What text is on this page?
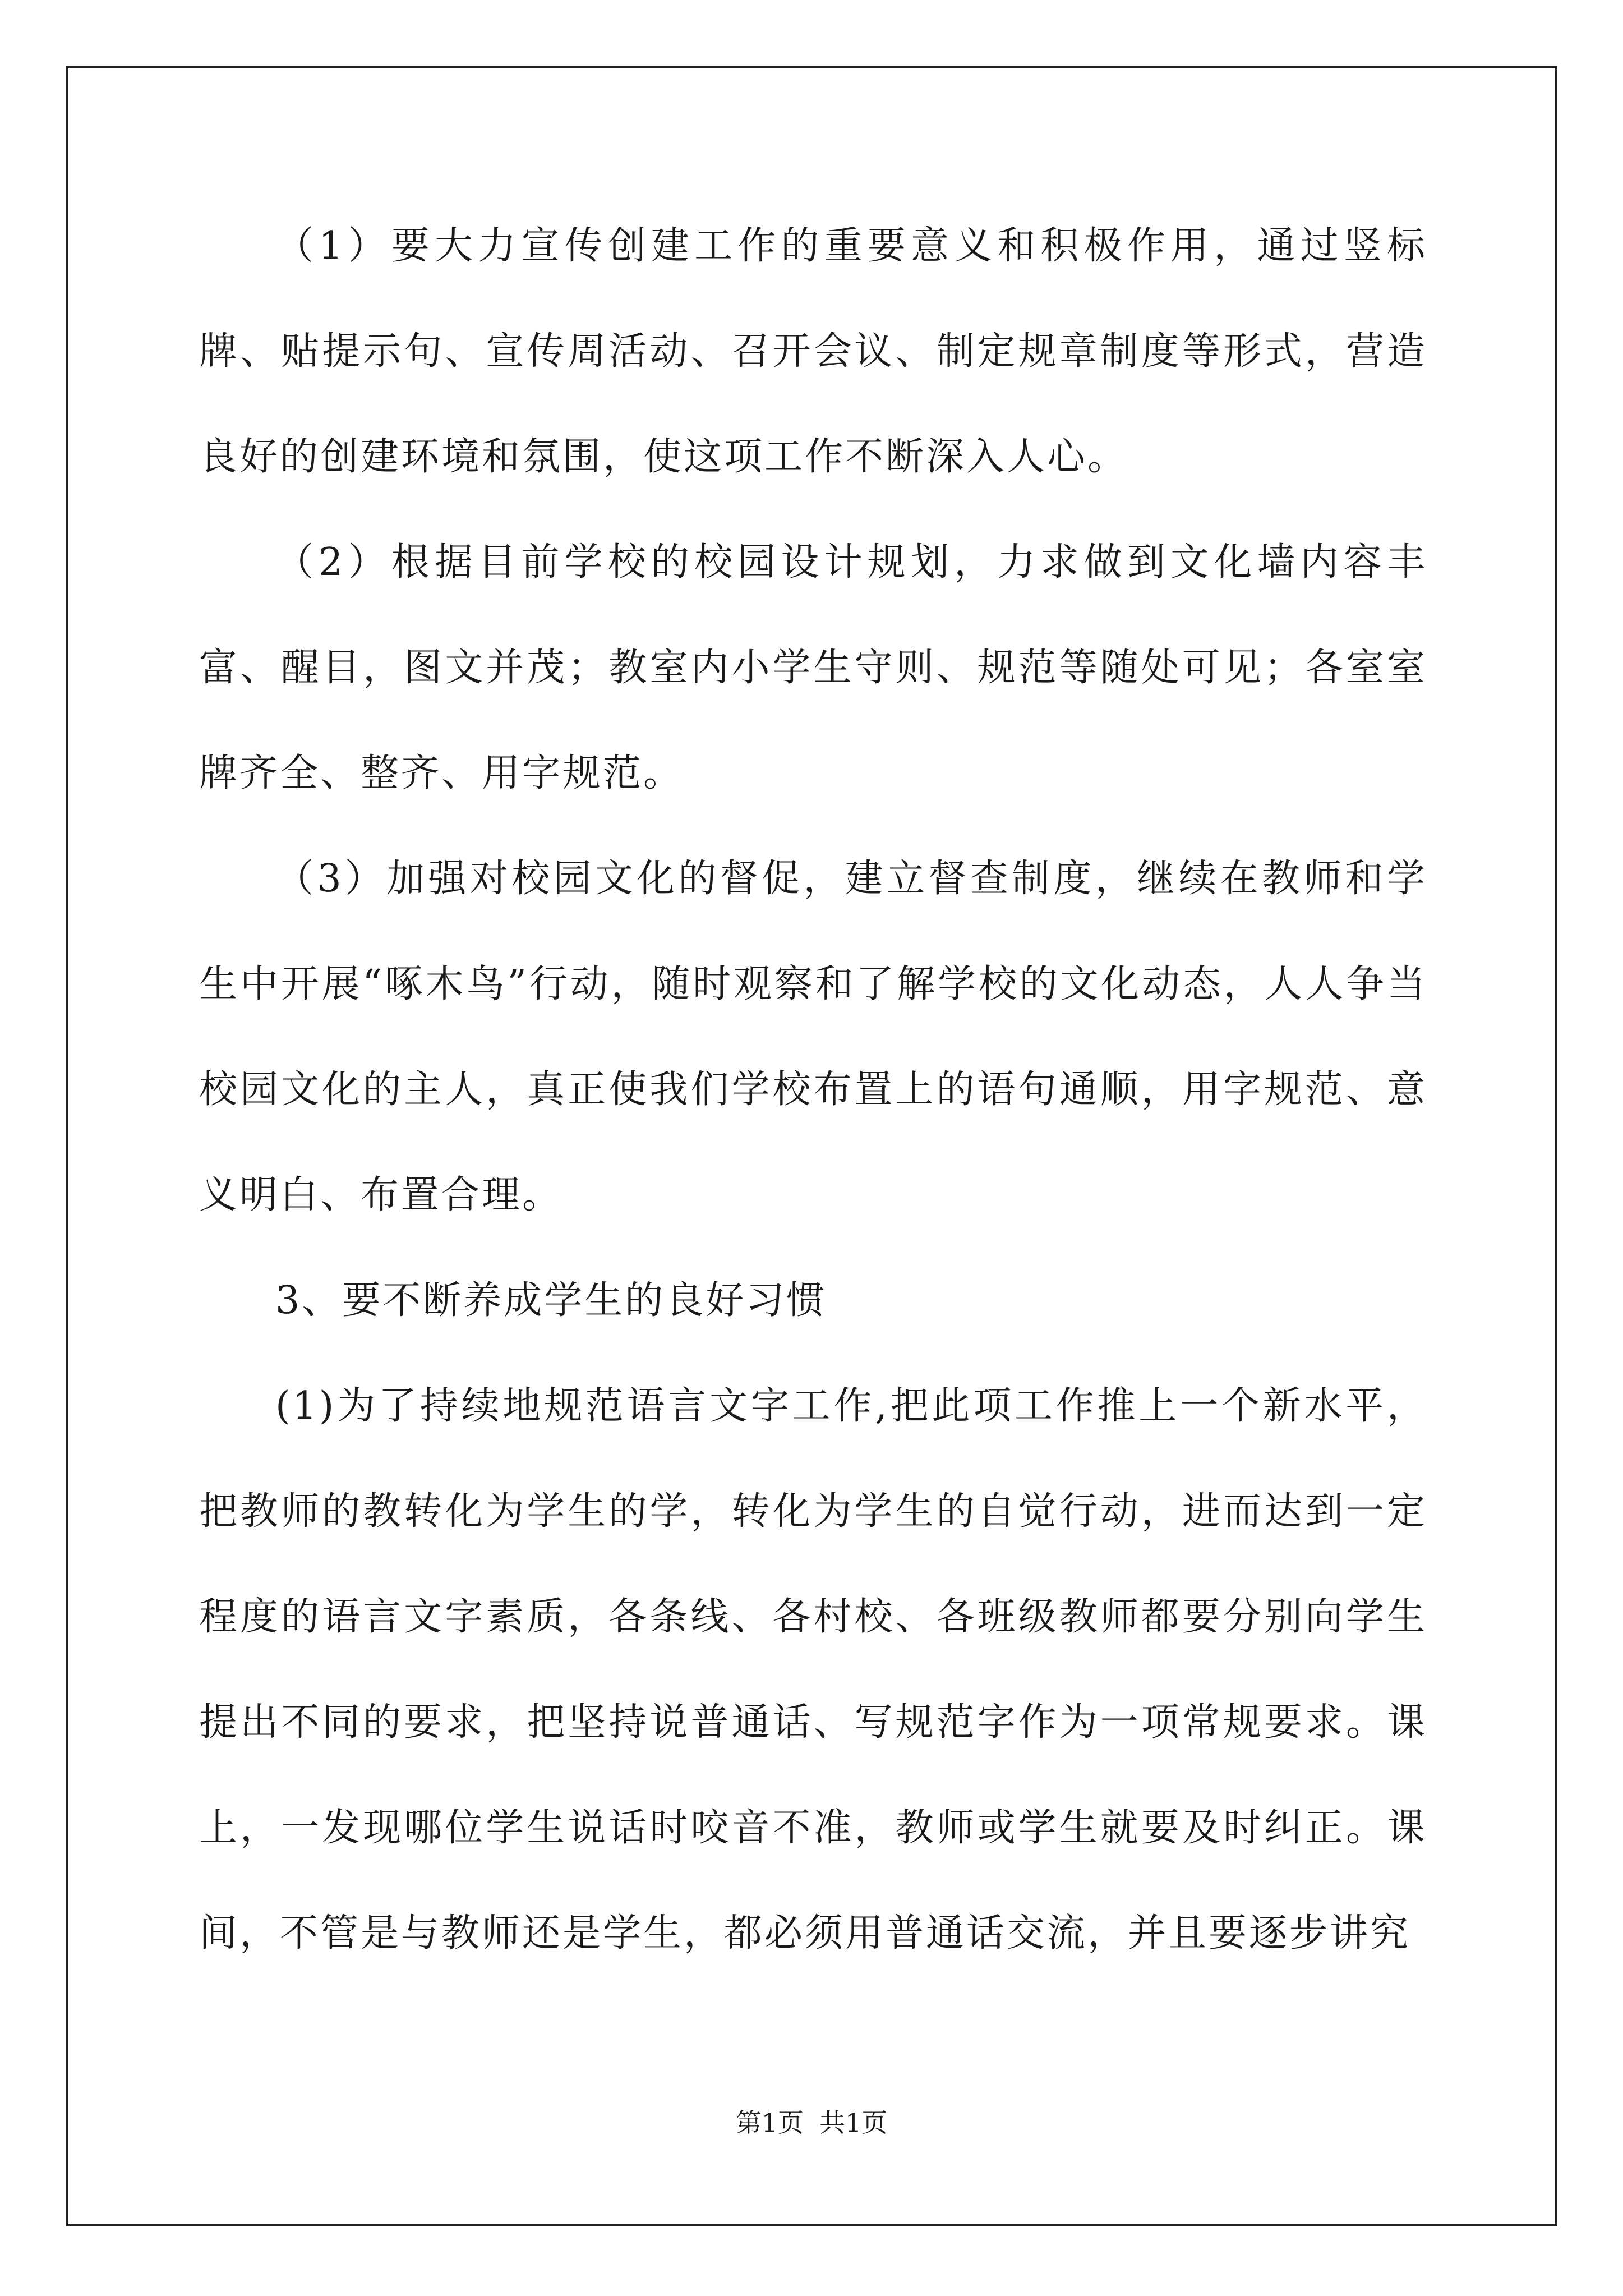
（1）要大力宣传创建工作的重要意义和积极作用，通过竖标牌、贴提示句、宣传周活动、召开会议、制定规章制度等形式，营造良好的创建环境和氛围，使这项工作不断深入人心。

（2）根据目前学校的校园设计规划，力求做到文化墙内容丰富、醒目，图文并茂；教室内小学生守则、规范等随处可见；各室室牌齐全、整齐、用字规范。

（3）加强对校园文化的督促，建立督查制度，继续在教师和学生中开展“啄木鸟”行动，随时观察和了解学校的文化动态，人人争当校园文化的主人，真正使我们学校布置上的语句通顺，用字规范、意义明白、布置合理。

3、要不断养成学生的良好习惯

(1)为了持续地规范语言文字工作,把此项工作推上一个新水平，把教师的教转化为学生的学，转化为学生的自觉行动，进而达到一定程度的语言文字素质，各条线、各村校、各班级教师都要分别向学生提出不同的要求，把坚持说普通话、写规范字作为一项常规要求。课上，一发现哪位学生说话时咬音不准，教师或学生就要及时纠正。课间，不管是与教师还是学生，都必须用普通话交流，并且要逐步讲究

第1页 共1页
